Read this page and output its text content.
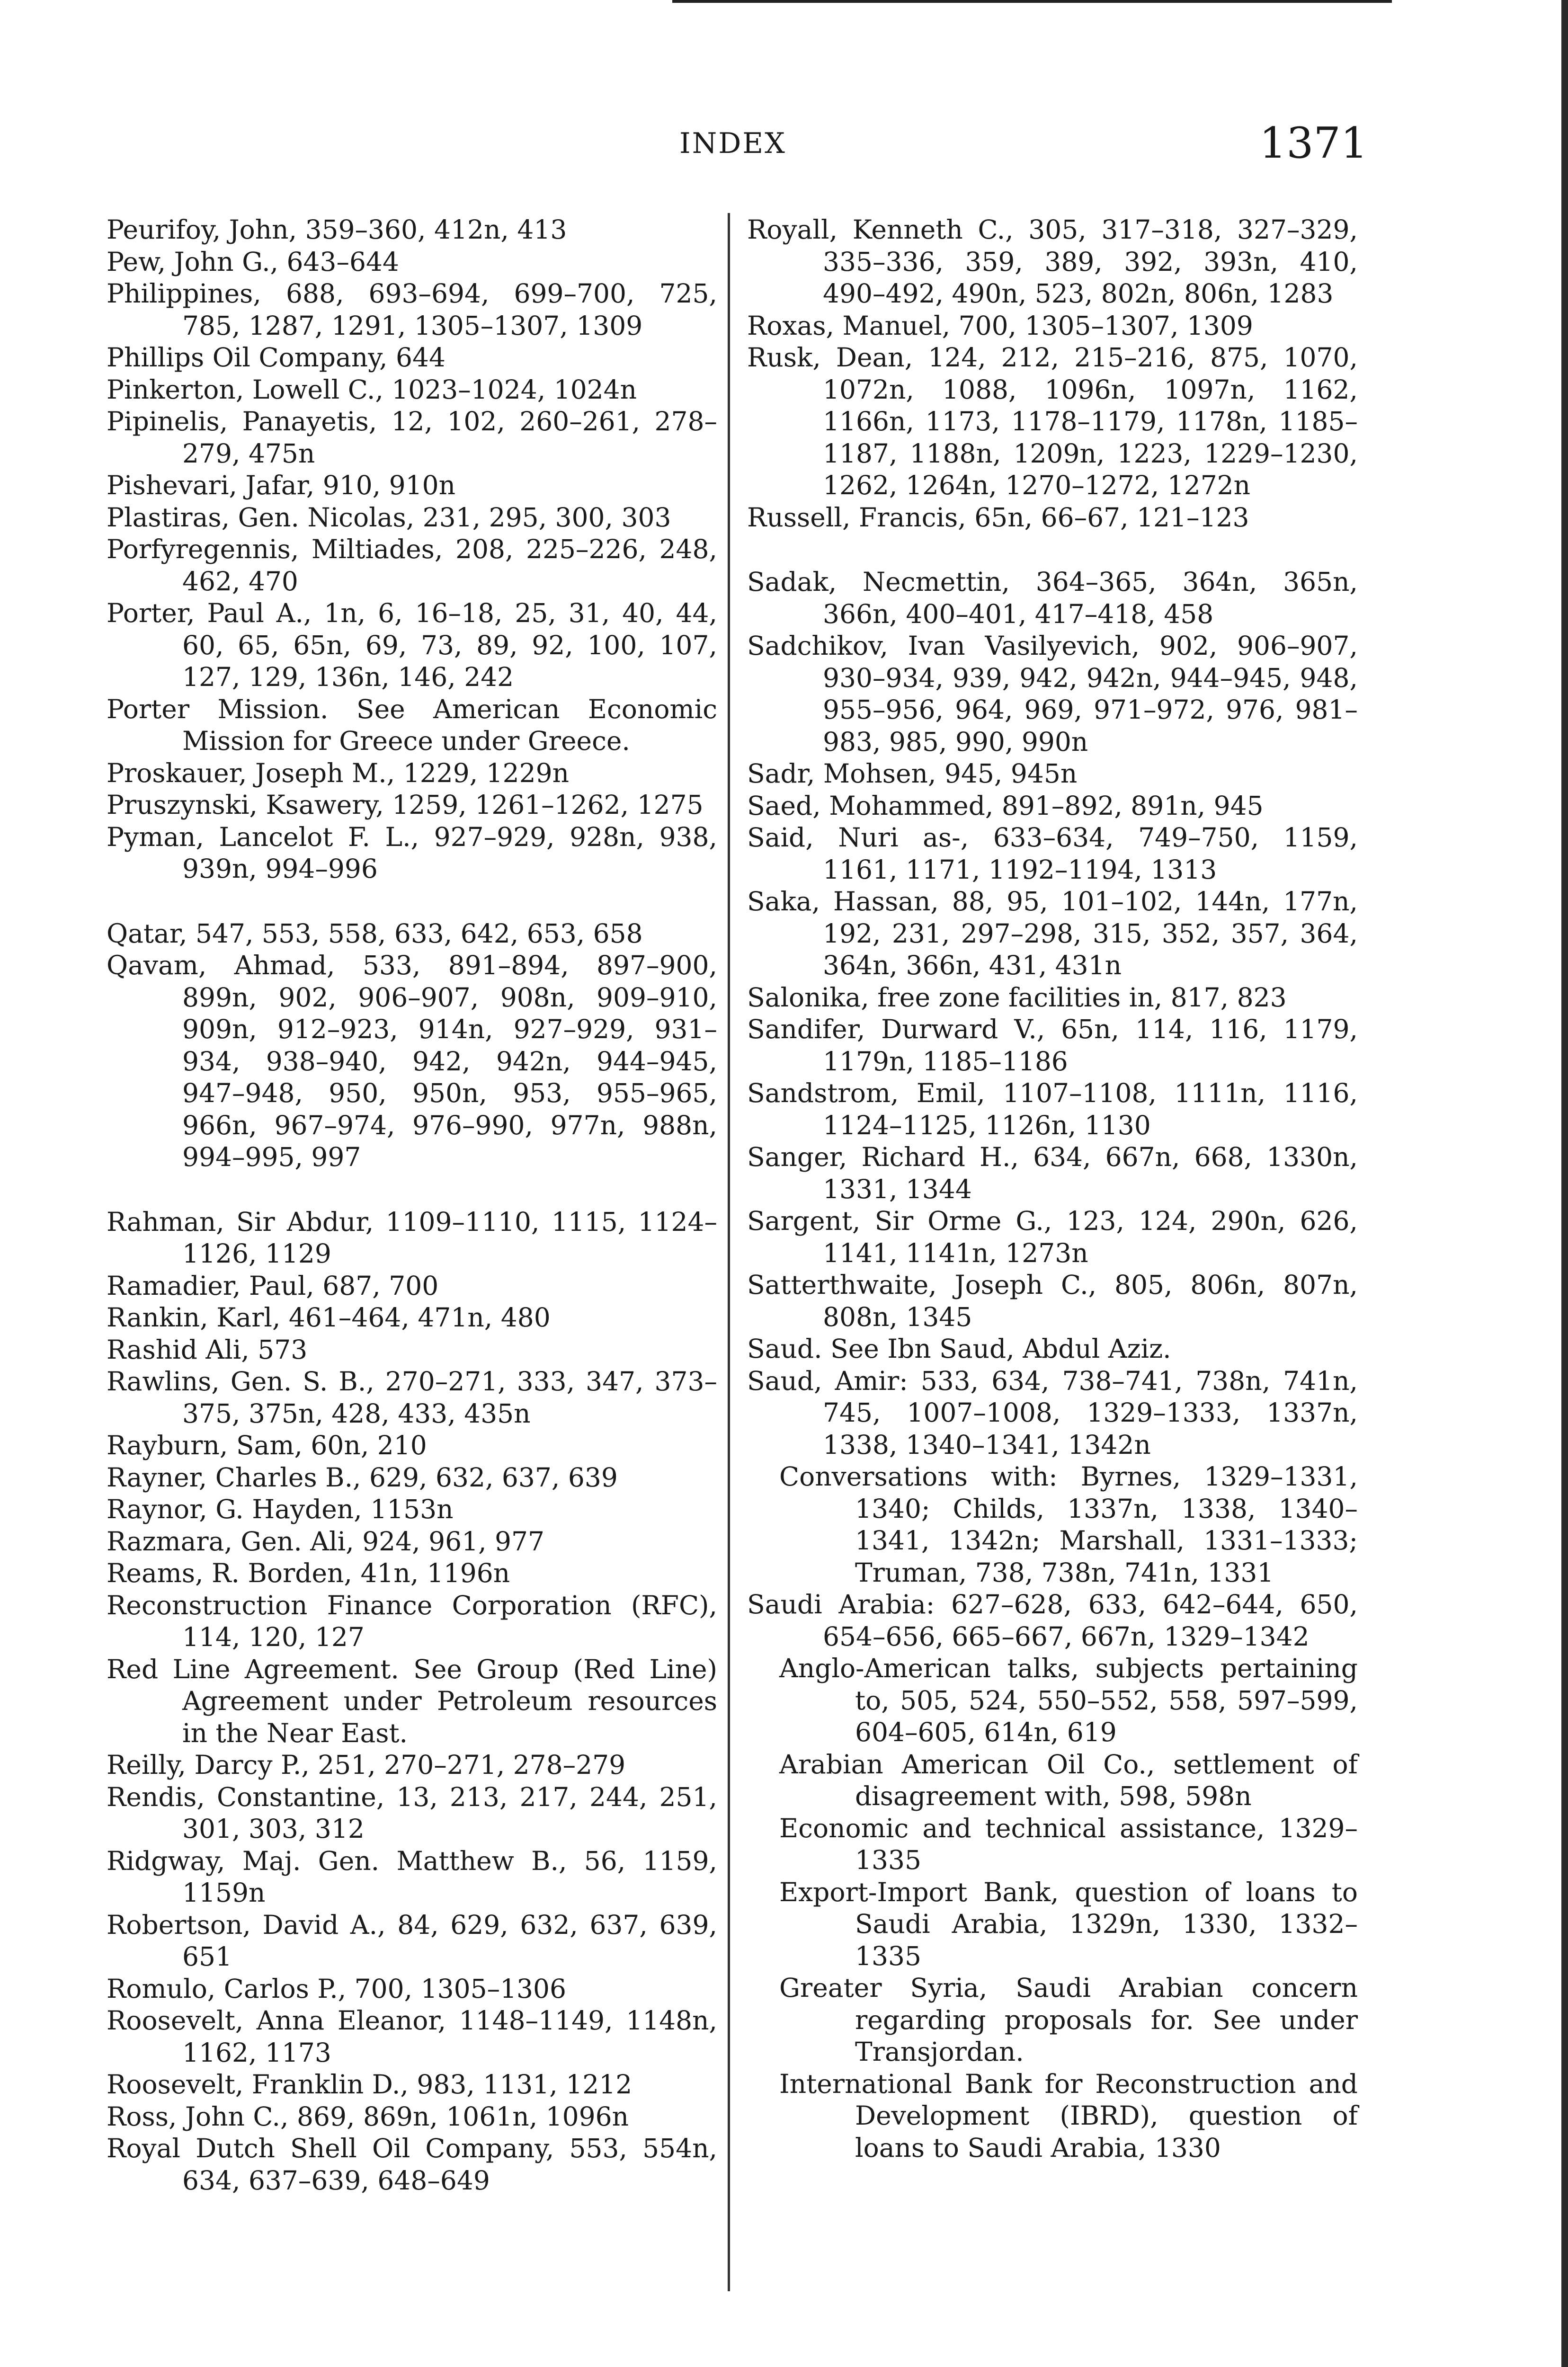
INDEX	1371

Peurifoy, John, 359–360, 412n, 413

Pew, John G., 643–644

Philippines, 688, 693–694, 699–700, 725, 785, 1287, 1291, 1305–1307, 1309

Phillips Oil Company, 644

Pinkerton, Lowell C., 1023–1024, 1024n

Pipinelis, Panayetis, 12, 102, 260–261, 278–279, 475n

Pishevari, Jafar, 910, 910n

Plastiras, Gen. Nicolas, 231, 295, 300, 303

Porfyregennis, Miltiades, 208, 225–226, 248, 462, 470

Porter, Paul A., 1n, 6, 16–18, 25, 31, 40, 44, 60, 65, 65n, 69, 73, 89, 92, 100, 107, 127, 129, 136n, 146, 242

Porter Mission. See American Economic Mission for Greece under Greece.

Proskauer, Joseph M., 1229, 1229n

Pruszynski, Ksawery, 1259, 1261–1262, 1275

Pyman, Lancelot F. L., 927–929, 928n, 938, 939n, 994–996

Qatar, 547, 553, 558, 633, 642, 653, 658

Qavam, Ahmad, 533, 891–894, 897–900, 899n, 902, 906–907, 908n, 909–910, 909n, 912–923, 914n, 927–929, 931–934, 938–940, 942, 942n, 944–945, 947–948, 950, 950n, 953, 955–965, 966n, 967–974, 976–990, 977n, 988n, 994–995, 997

Rahman, Sir Abdur, 1109–1110, 1115, 1124–1126, 1129

Ramadier, Paul, 687, 700

Rankin, Karl, 461–464, 471n, 480

Rashid Ali, 573

Rawlins, Gen. S. B., 270–271, 333, 347, 373–375, 375n, 428, 433, 435n

Rayburn, Sam, 60n, 210

Rayner, Charles B., 629, 632, 637, 639

Raynor, G. Hayden, 1153n

Razmara, Gen. Ali, 924, 961, 977

Reams, R. Borden, 41n, 1196n

Reconstruction Finance Corporation (RFC), 114, 120, 127

Red Line Agreement. See Group (Red Line) Agreement under Petroleum resources in the Near East.

Reilly, Darcy P., 251, 270–271, 278–279

Rendis, Constantine, 13, 213, 217, 244, 251, 301, 303, 312

Ridgway, Maj. Gen. Matthew B., 56, 1159, 1159n

Robertson, David A., 84, 629, 632, 637, 639, 651

Romulo, Carlos P., 700, 1305–1306

Roosevelt, Anna Eleanor, 1148–1149, 1148n, 1162, 1173

Roosevelt, Franklin D., 983, 1131, 1212

Ross, John C., 869, 869n, 1061n, 1096n

Royal Dutch Shell Oil Company, 553, 554n, 634, 637–639, 648–649

Royall, Kenneth C., 305, 317–318, 327–329, 335–336, 359, 389, 392, 393n, 410, 490–492, 490n, 523, 802n, 806n, 1283

Roxas, Manuel, 700, 1305–1307, 1309

Rusk, Dean, 124, 212, 215–216, 875, 1070, 1072n, 1088, 1096n, 1097n, 1162, 1166n, 1173, 1178–1179, 1178n, 1185–1187, 1188n, 1209n, 1223, 1229–1230, 1262, 1264n, 1270–1272, 1272n

Russell, Francis, 65n, 66–67, 121–123

Sadak, Necmettin, 364–365, 364n, 365n, 366n, 400–401, 417–418, 458

Sadchikov, Ivan Vasilyevich, 902, 906–907, 930–934, 939, 942, 942n, 944–945, 948, 955–956, 964, 969, 971–972, 976, 981–983, 985, 990, 990n

Sadr, Mohsen, 945, 945n

Saed, Mohammed, 891–892, 891n, 945

Said, Nuri as-, 633–634, 749–750, 1159, 1161, 1171, 1192–1194, 1313

Saka, Hassan, 88, 95, 101–102, 144n, 177n, 192, 231, 297–298, 315, 352, 357, 364, 364n, 366n, 431, 431n

Salonika, free zone facilities in, 817, 823

Sandifer, Durward V., 65n, 114, 116, 1179, 1179n, 1185–1186

Sandstrom, Emil, 1107–1108, 1111n, 1116, 1124–1125, 1126n, 1130

Sanger, Richard H., 634, 667n, 668, 1330n, 1331, 1344

Sargent, Sir Orme G., 123, 124, 290n, 626, 1141, 1141n, 1273n

Satterthwaite, Joseph C., 805, 806n, 807n, 808n, 1345

Saud. See Ibn Saud, Abdul Aziz.

Saud, Amir: 533, 634, 738–741, 738n, 741n, 745, 1007–1008, 1329–1333, 1337n, 1338, 1340–1341, 1342n

Conversations with: Byrnes, 1329–1331, 1340; Childs, 1337n, 1338, 1340–1341, 1342n; Marshall, 1331–1333; Truman, 738, 738n, 741n, 1331

Saudi Arabia: 627–628, 633, 642–644, 650, 654–656, 665–667, 667n, 1329–1342

Anglo-American talks, subjects pertaining to, 505, 524, 550–552, 558, 597–599, 604–605, 614n, 619

Arabian American Oil Co., settlement of disagreement with, 598, 598n

Economic and technical assistance, 1329–1335

Export-Import Bank, question of loans to Saudi Arabia, 1329n, 1330, 1332–1335

Greater Syria, Saudi Arabian concern regarding proposals for. See under Transjordan.

International Bank for Reconstruction and Development (IBRD), question of loans to Saudi Arabia, 1330
